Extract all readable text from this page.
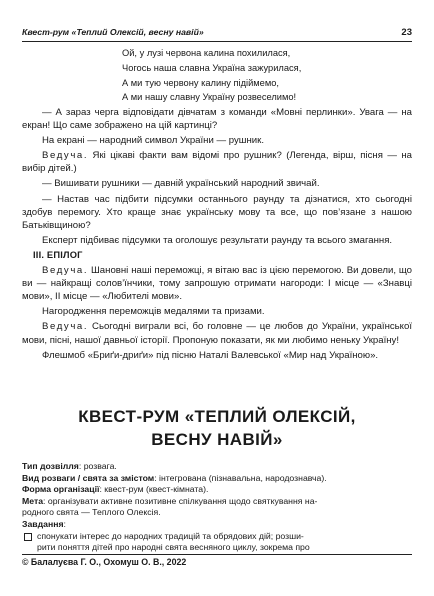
Квест-рум «Теплий Олексій, весну навій»	23
Ой, у лузі червона калина похилилася,
Чогось наша славна Україна зажурилася,
А ми тую червону калину підіймемо,
А ми нашу славну Україну розвеселимо!

— А зараз черга відповідати дівчатам з команди «Мовні перлинки». Увага — на екран! Що саме зображено на цій картинці?

На екрані — народний символ України — рушник.

Ведуча. Які цікаві факти вам відомі про рушник? (Легенда, вірш, пісня — на вибір дітей.)

— Вишивати рушники — давній український народний звичай.

— Настав час підбити підсумки останнього раунду та дізнатися, хто сьогодні здобув перемогу. Хто краще знає українську мову та все, що пов’язане з нашою Батьківщиною?

Експерт підбиває підсумки та оголошує результати раунду та всього змагання.

ІІІ. ЕПІЛОГ

Ведуча. Шановні наші переможці, я вітаю вас із цією перемогою. Ви довели, що ви — найкращі солов’їнчики, тому запрошую отримати нагороди: І місце — «Знавці мови», ІІ місце — «Любителі мови».

Нагородження переможців медалями та призами.

Ведуча. Сьогодні виграли всі, бо головне — це любов до України, української мови, пісні, нашої давньої історії. Пропоную показати, як ми любимо неньку Україну!

Флешмоб «Бриґи-дриґи» під пісню Наталі Валевської «Мир над Україною».

КВЕСТ-РУМ «ТЕПЛИЙ ОЛЕКСІЙ,
ВЕСНУ НАВІЙ»
Тип дозвілля: розвага.
Вид розваги / свята за змістом: інтегрована (пізнавальна, народознавча).
Форма організації: квест-рум (квест-кімната).
Мета: організувати активне позитивне спілкування щодо святкування на-
родного свята — Теплого Олексія.
Завдання:
спонукати інтерес до народних традицій та обрядових дій; розши-
рити поняття дітей про народні свята весняного циклу, зокрема про
© Балалуєва Г. О., Охомуш О. В., 2022
